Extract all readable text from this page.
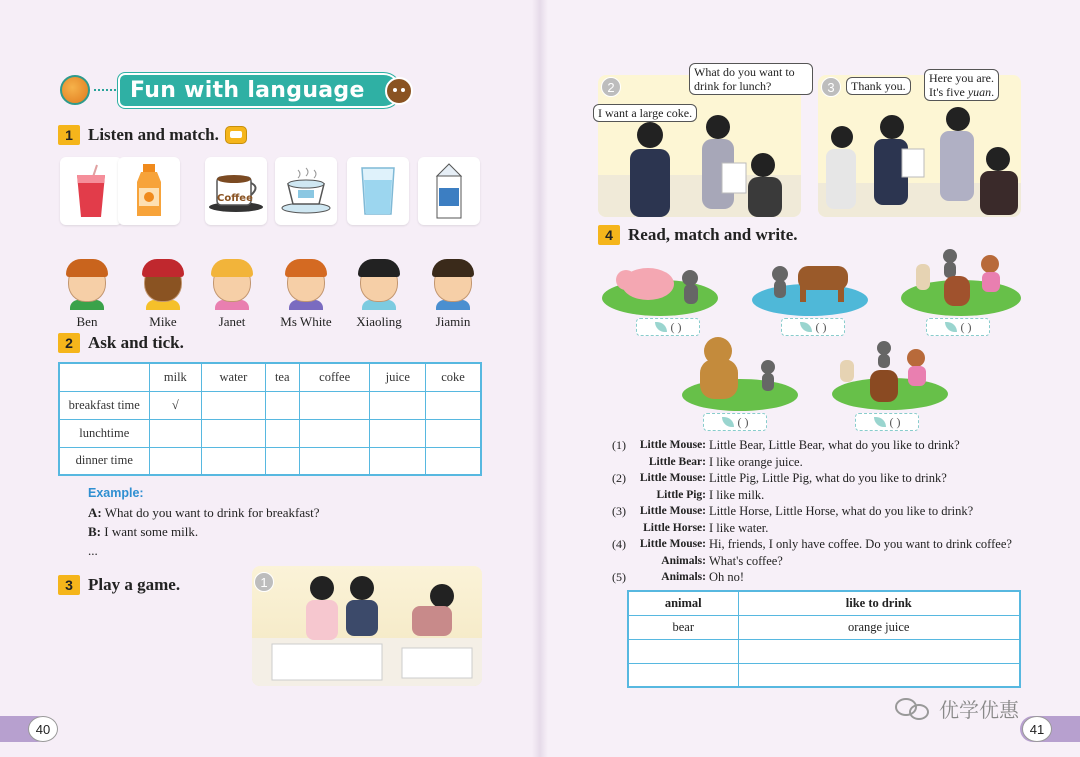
Fun with language
1 Listen and match.
Coffee
Ben	Mike	Janet	Ms White	Xiaoling	Jiamin
2 Ask and tick.
	milk	water	tea	coffee	juice	coke
breakfast time	√					
lunchtime						
dinner time						
Example:
A: What do you want to drink for breakfast?
B: I want some milk.
...
3 Play a game.	1
40
2
What do you want to drink for lunch?
I want a large coke.
3	Thank you.
Here you are.
It's five yuan.
4 Read, match and write.
( )	( )	( )
( )	( )
(1)	Little Mouse: Little Bear, Little Bear, what do you like to drink?
Little Bear: I like orange juice.
(2)	Little Mouse: Little Pig, Little Pig, what do you like to drink?
Little Pig: I like milk.
(3)	Little Mouse: Little Horse, Little Horse, what do you like to drink?
Little Horse: I like water.
(4)	Little Mouse: Hi, friends, I only have coffee. Do you want to drink coffee?
Animals: What's coffee?
(5)	Animals: Oh no!
animal	like to drink
bear	orange juice

优学优惠
41
